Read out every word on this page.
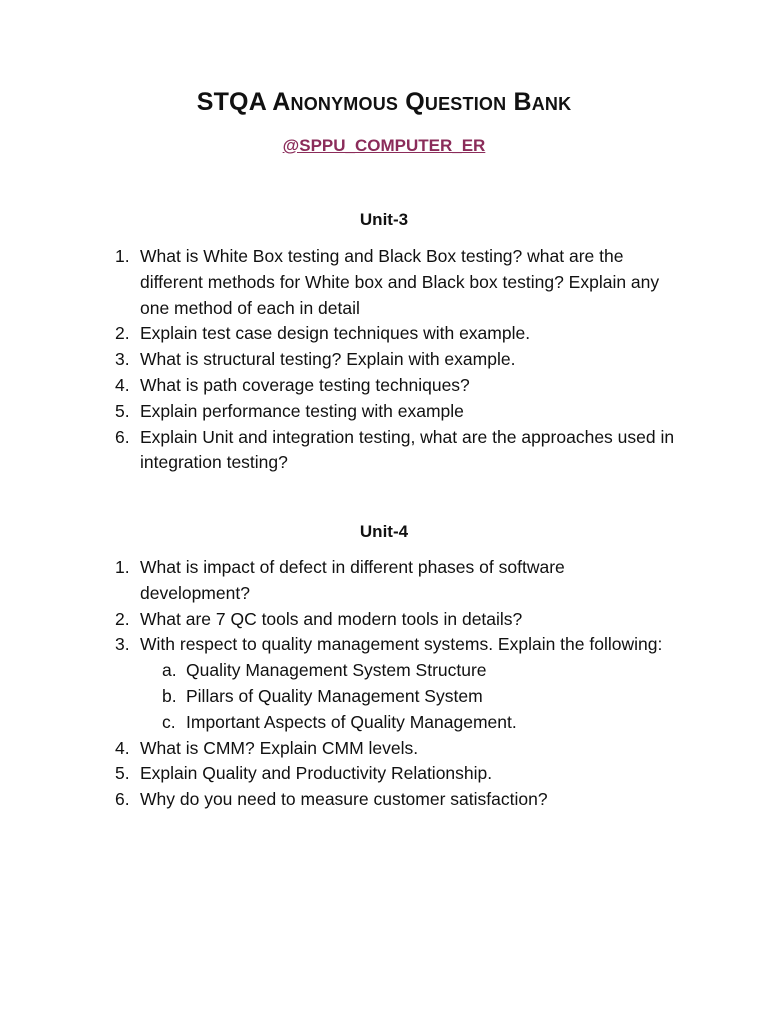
STQA Anonymous Question Bank
@SPPU_COMPUTER_ER
Unit-3
1. What is White Box testing and Black Box testing? what are the different methods for White box and Black box testing? Explain any one method of each in detail
2. Explain test case design techniques with example.
3. What is structural testing? Explain with example.
4. What is path coverage testing techniques?
5. Explain performance testing with example
6. Explain Unit and integration testing, what are the approaches used in integration testing?
Unit-4
1. What is impact of defect in different phases of software development?
2. What are 7 QC tools and modern tools in details?
3. With respect to quality management systems. Explain the following:
a. Quality Management System Structure
b. Pillars of Quality Management System
c. Important Aspects of Quality Management.
4. What is CMM? Explain CMM levels.
5. Explain Quality and Productivity Relationship.
6. Why do you need to measure customer satisfaction?
